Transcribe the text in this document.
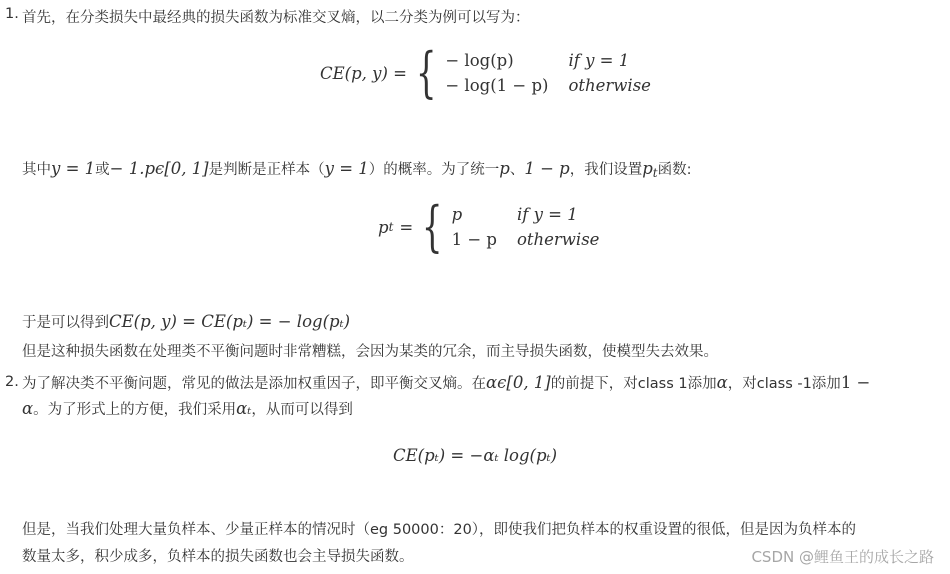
1. 首先，在分类损失中最经典的损失函数为标准交叉熵，以二分类为例可以写为：
CE(p, y) = { − log(p)	if y = 1
− log(1 − p) otherwise
其中y = 1或− 1.pϵ[0, 1]是判断是正样本（y = 1）的概率。为了统一p、1 − p，我们设置$p_t$函数:
p t = { p	if y = 1
1 − p otherwise
于是可以得到CE(p, y) = CE(pₜ) = − log(pₜ)
但是这种损失函数在处理类不平衡问题时非常糟糕，会因为某类的冗余，而主导损失函数，使模型失去效果。
2. 为了解决类不平衡问题，常见的做法是添加权重因子，即平衡交叉熵。在αϵ[0, 1]的前提下，对class 1添加α，对class -1添加1 −
α。为了形式上的方便，我们采用αₜ，从而可以得到
CE(pₜ) = −αₜ log(pₜ)
但是，当我们处理大量负样本、少量正样本的情况时（eg 50000：20），即使我们把负样本的权重设置的很低，但是因为负样本的
数量太多，积少成多，负样本的损失函数也会主导损失函数。	CSDN @鲤鱼王的成长之路
